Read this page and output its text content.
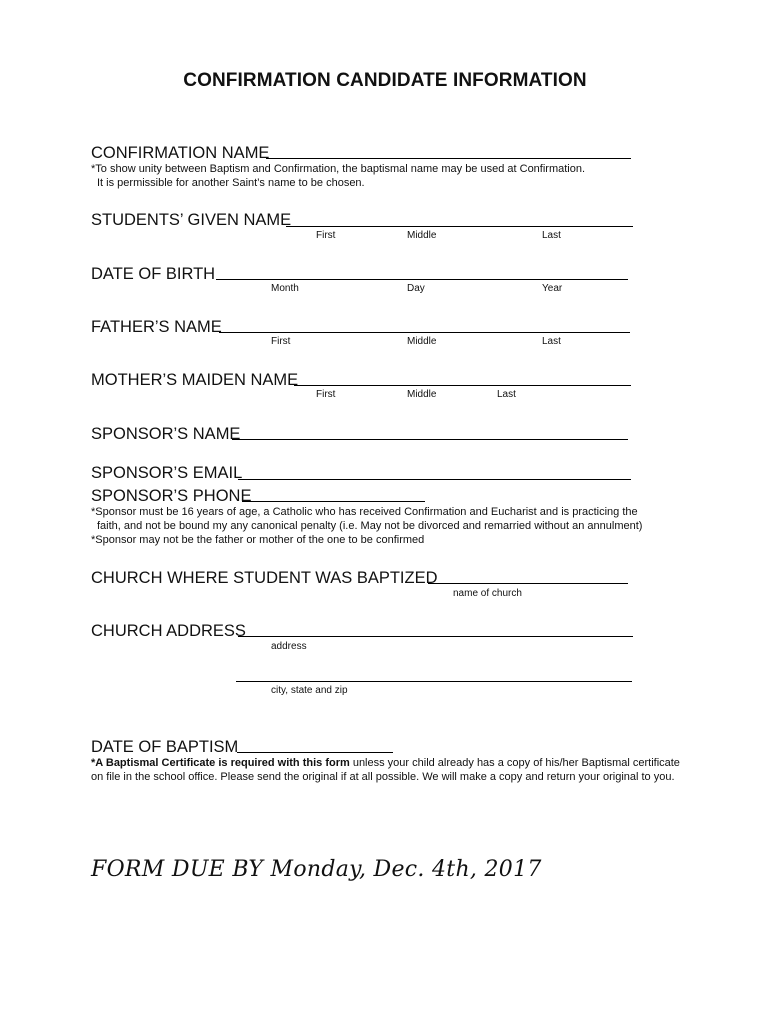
CONFIRMATION CANDIDATE INFORMATION
CONFIRMATION NAME
*To show unity between Baptism and Confirmation, the baptismal name may be used at Confirmation.
It is permissible for another Saint’s name to be chosen.
STUDENTS’ GIVEN NAME
First	Middle	Last
DATE OF BIRTH
Month	Day	Year
FATHER’S NAME
First	Middle	Last
MOTHER’S MAIDEN NAME
First	Middle	Last
SPONSOR’S NAME
SPONSOR’S EMAIL
SPONSOR’S PHONE
*Sponsor must be 16 years of age, a Catholic who has received Confirmation and Eucharist and is practicing the
faith, and not be bound my any canonical penalty (i.e. May not be divorced and remarried without an annulment)
*Sponsor may not be the father or mother of the one to be confirmed
CHURCH WHERE STUDENT WAS BAPTIZED
name of church
CHURCH ADDRESS
address
city, state and zip
DATE OF BAPTISM
*A Baptismal Certificate is required with this form unless your child already has a copy of his/her Baptismal certificate on file in the school office. Please send the original if at all possible. We will make a copy and return your original to you.
FORM DUE BY Monday, Dec. 4th, 2017
